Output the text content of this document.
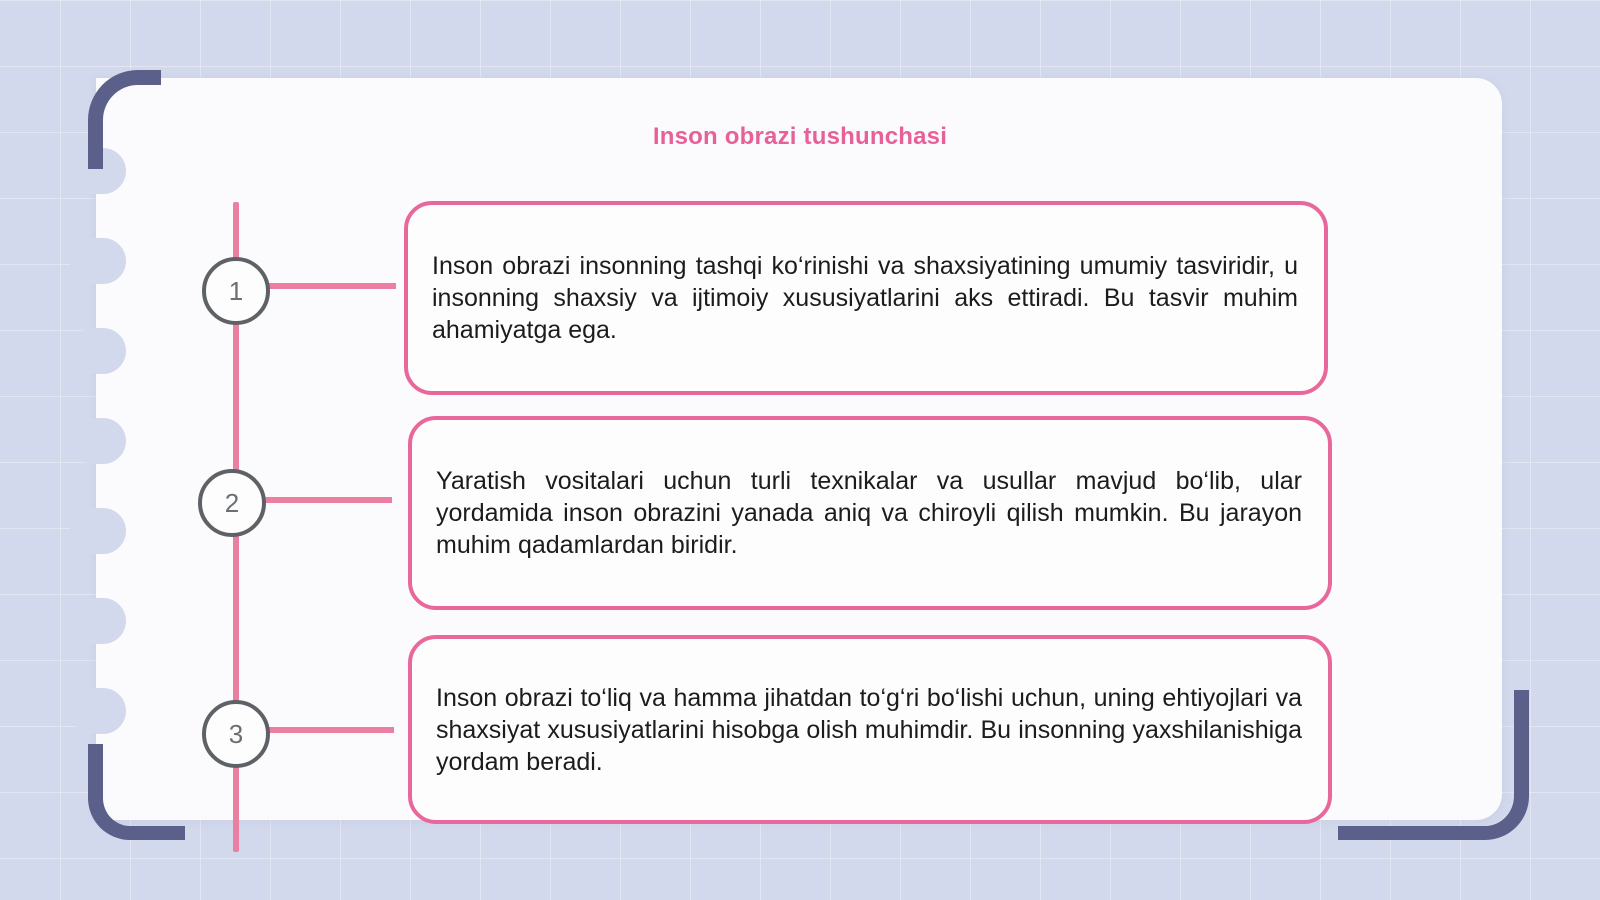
Inson obrazi tushunchasi
1

Inson obrazi insonning tashqi ko‘rinishi va shaxsiyatining umumiy tasviridir, u insonning shaxsiy va ijtimoiy xususiyatlarini aks ettiradi. Bu tasvir muhim ahamiyatga ega.

2

Yaratish vositalari uchun turli texnikalar va usullar mavjud bo‘lib, ular yordamida inson obrazini yanada aniq va chiroyli qilish mumkin. Bu jarayon muhim qadamlardan biridir.

3

Inson obrazi to‘liq va hamma jihatdan to‘g‘ri bo‘lishi uchun, uning ehtiyojlari va shaxsiyat xususiyatlarini hisobga olish muhimdir. Bu insonning yaxshilanishiga yordam beradi.
